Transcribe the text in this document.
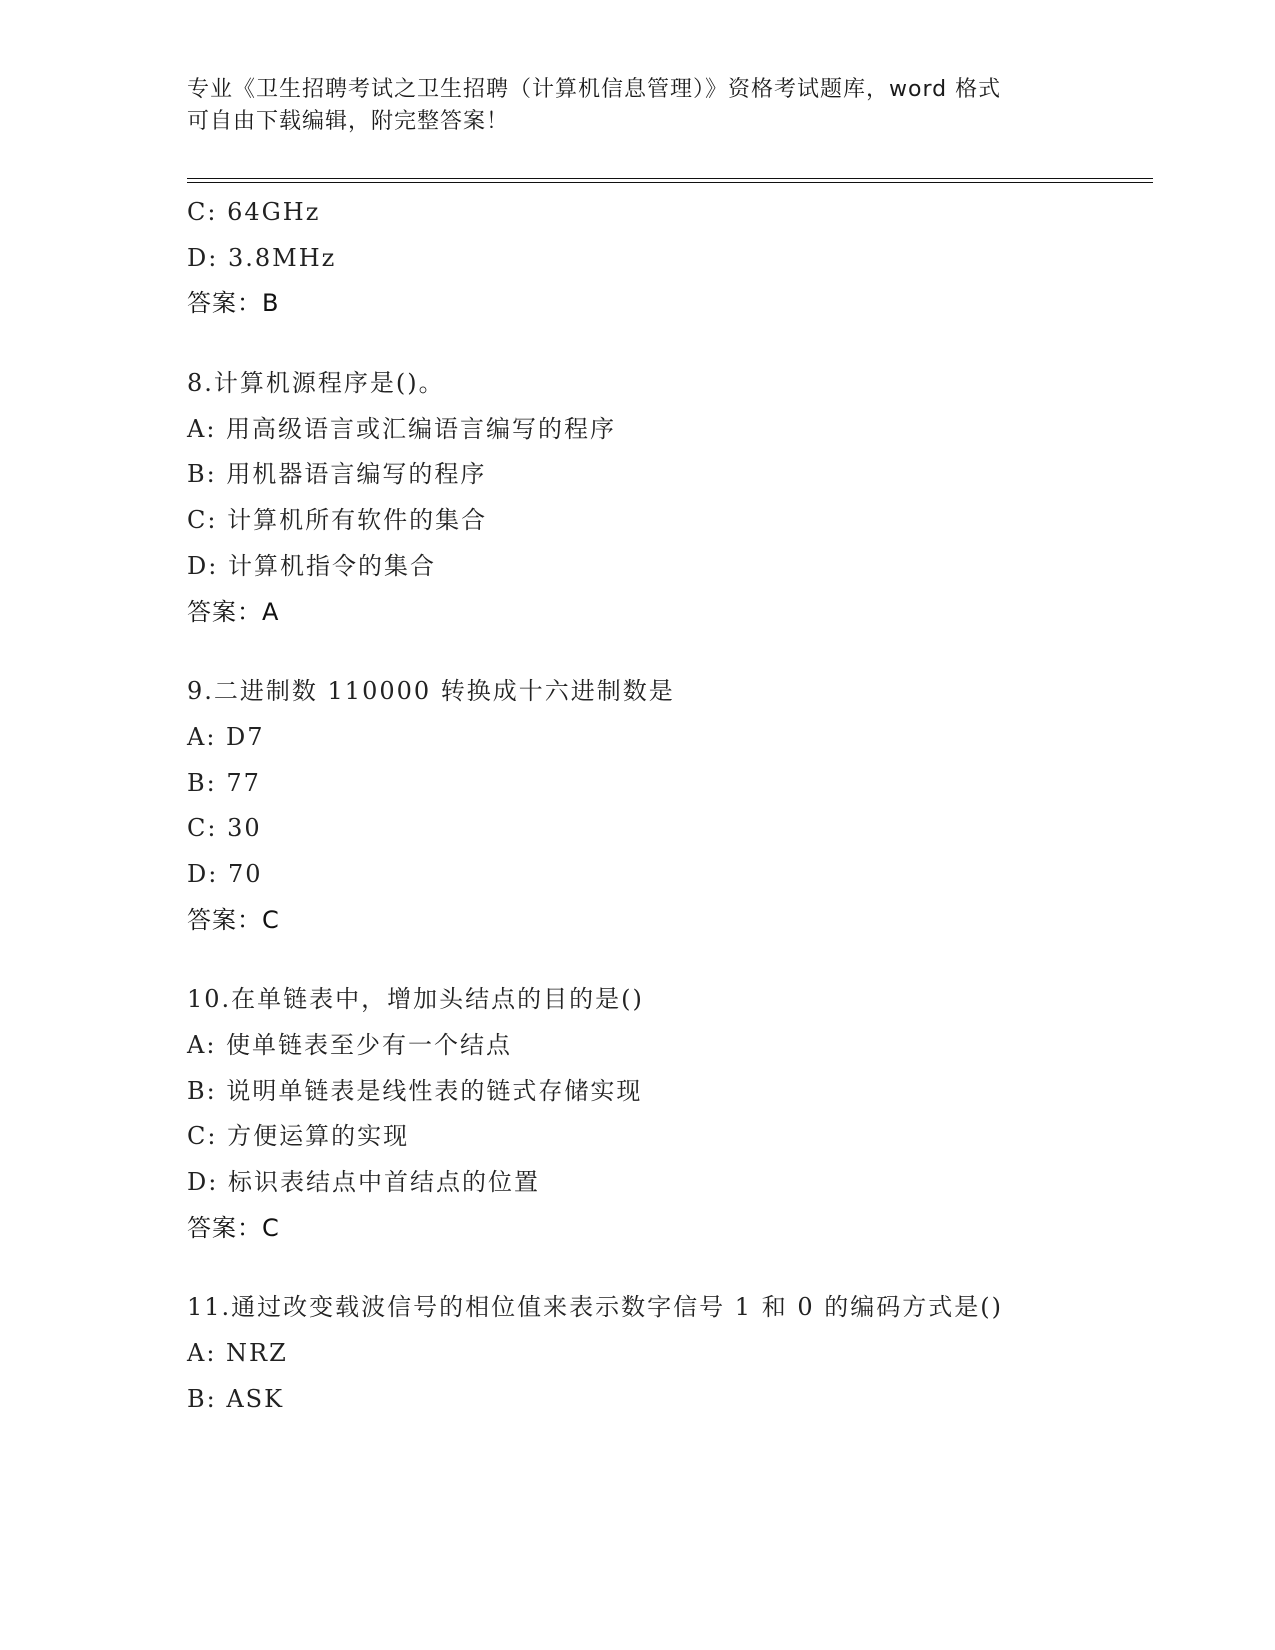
专业《卫生招聘考试之卫生招聘（计算机信息管理）》资格考试题库，word 格式
可自由下载编辑，附完整答案！
C: 64GHz
D: 3.8MHz
答案：B
8.计算机源程序是()。
A: 用高级语言或汇编语言编写的程序
B: 用机器语言编写的程序
C: 计算机所有软件的集合
D: 计算机指令的集合
答案：A
9.二进制数 110000 转换成十六进制数是
A: D7
B: 77
C: 30
D: 70
答案：C
10.在单链表中，增加头结点的目的是()
A: 使单链表至少有一个结点
B: 说明单链表是线性表的链式存储实现
C: 方便运算的实现
D: 标识表结点中首结点的位置
答案：C
11.通过改变载波信号的相位值来表示数字信号 1 和 0 的编码方式是()
A: NRZ
B: ASK
